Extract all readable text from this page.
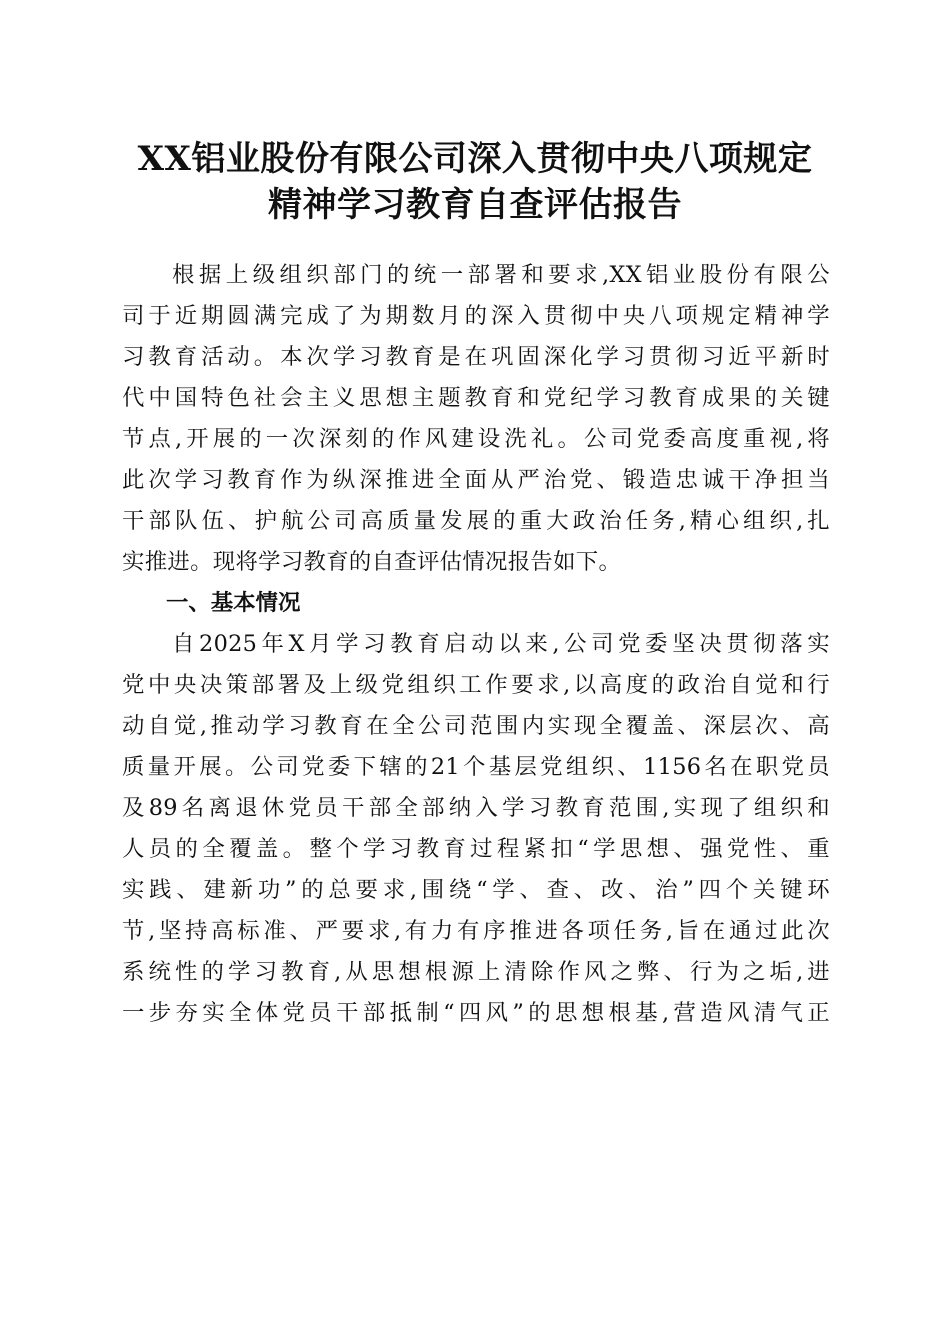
XX铝业股份有限公司深入贯彻中央八项规定
精神学习教育自查评估报告
根据上级组织部门的统一部署和要求,XX铝业股份有限公
司于近期圆满完成了为期数月的深入贯彻中央八项规定精神学
习教育活动。本次学习教育是在巩固深化学习贯彻习近平新时
代中国特色社会主义思想主题教育和党纪学习教育成果的关键
节点,开展的一次深刻的作风建设洗礼。公司党委高度重视,将
此次学习教育作为纵深推进全面从严治党、锻造忠诚干净担当
干部队伍、护航公司高质量发展的重大政治任务,精心组织,扎
实推进。现将学习教育的自查评估情况报告如下。
一、基本情况
自2025年X月学习教育启动以来,公司党委坚决贯彻落实
党中央决策部署及上级党组织工作要求,以高度的政治自觉和行
动自觉,推动学习教育在全公司范围内实现全覆盖、深层次、高
质量开展。公司党委下辖的21个基层党组织、1156名在职党员
及89名离退休党员干部全部纳入学习教育范围,实现了组织和
人员的全覆盖。整个学习教育过程紧扣“学思想、强党性、重
实践、建新功”的总要求,围绕“学、查、改、治”四个关键环
节,坚持高标准、严要求,有力有序推进各项任务,旨在通过此次
系统性的学习教育,从思想根源上清除作风之弊、行为之垢,进
一步夯实全体党员干部抵制“四风”的思想根基,营造风清气正
